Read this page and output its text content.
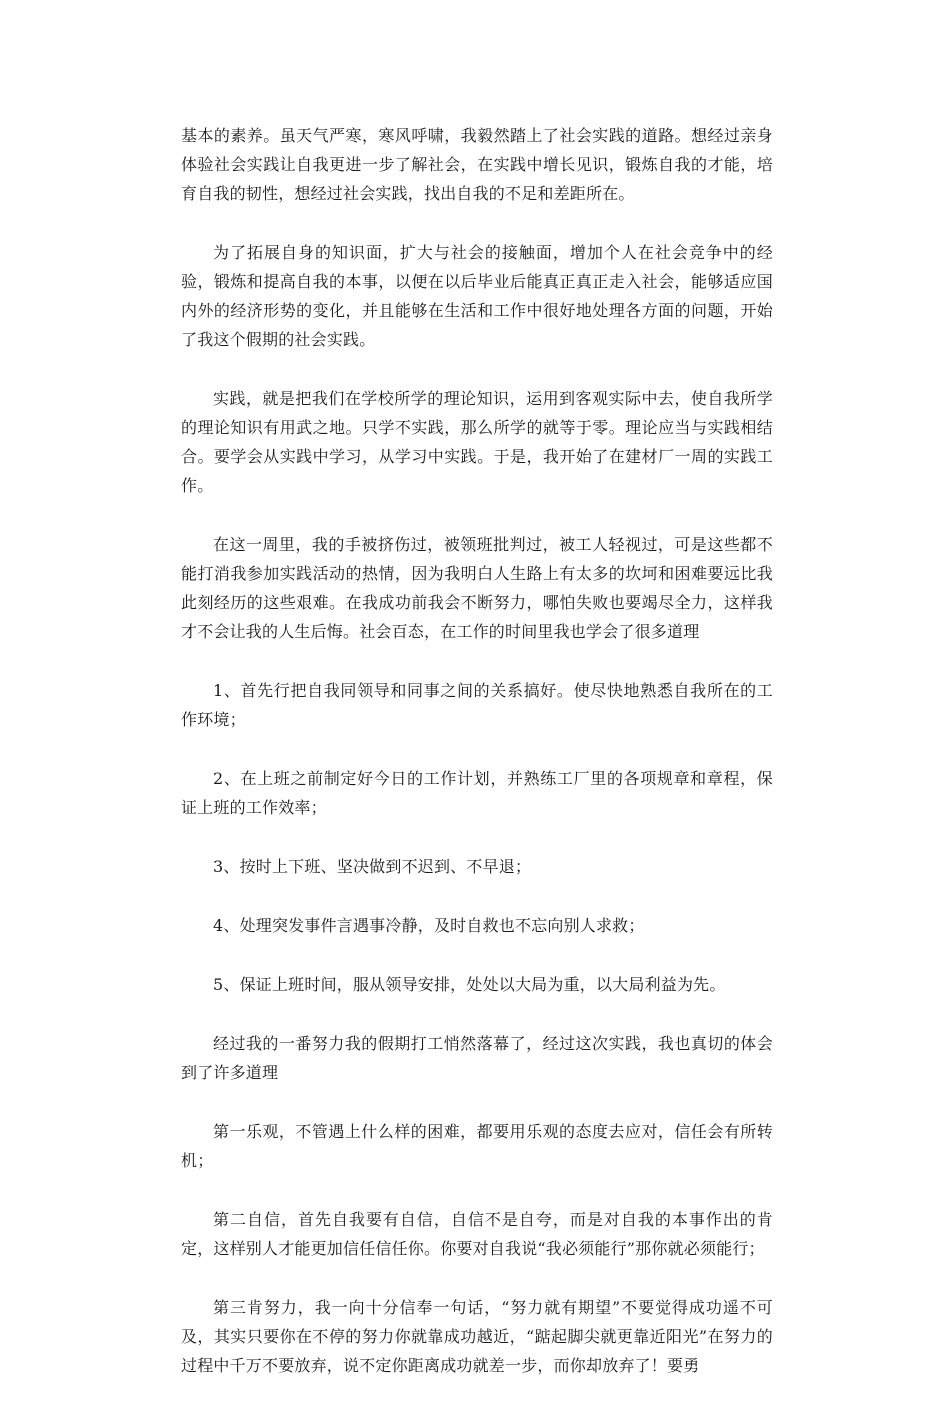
基本的素养。虽天气严寒，寒风呼啸，我毅然踏上了社会实践的道路。想经过亲身体验社会实践让自我更进一步了解社会，在实践中增长见识，锻炼自我的才能，培育自我的韧性，想经过社会实践，找出自我的不足和差距所在。

为了拓展自身的知识面，扩大与社会的接触面，增加个人在社会竞争中的经验，锻炼和提高自我的本事，以便在以后毕业后能真正真正走入社会，能够适应国内外的经济形势的变化，并且能够在生活和工作中很好地处理各方面的问题，开始了我这个假期的社会实践。

实践，就是把我们在学校所学的理论知识，运用到客观实际中去，使自我所学的理论知识有用武之地。只学不实践，那么所学的就等于零。理论应当与实践相结合。要学会从实践中学习，从学习中实践。于是，我开始了在建材厂一周的实践工作。

在这一周里，我的手被挤伤过，被领班批判过，被工人轻视过，可是这些都不能打消我参加实践活动的热情，因为我明白人生路上有太多的坎坷和困难要远比我此刻经历的这些艰难。在我成功前我会不断努力，哪怕失败也要竭尽全力，这样我才不会让我的人生后悔。社会百态，在工作的时间里我也学会了很多道理

1、首先行把自我同领导和同事之间的关系搞好。使尽快地熟悉自我所在的工作环境；

2、在上班之前制定好今日的工作计划，并熟练工厂里的各项规章和章程，保证上班的工作效率；

3、按时上下班、坚决做到不迟到、不早退；

4、处理突发事件言遇事冷静，及时自救也不忘向别人求救；

5、保证上班时间，服从领导安排，处处以大局为重，以大局利益为先。

经过我的一番努力我的假期打工悄然落幕了，经过这次实践，我也真切的体会到了许多道理

第一乐观，不管遇上什么样的困难，都要用乐观的态度去应对，信任会有所转机；

第二自信，首先自我要有自信，自信不是自夸，而是对自我的本事作出的肯定，这样别人才能更加信任信任你。你要对自我说“我必须能行”那你就必须能行；

第三肯努力，我一向十分信奉一句话，“努力就有期望”不要觉得成功遥不可及，其实只要你在不停的努力你就靠成功越近，“踮起脚尖就更靠近阳光”在努力的过程中千万不要放弃，说不定你距离成功就差一步，而你却放弃了！要勇
